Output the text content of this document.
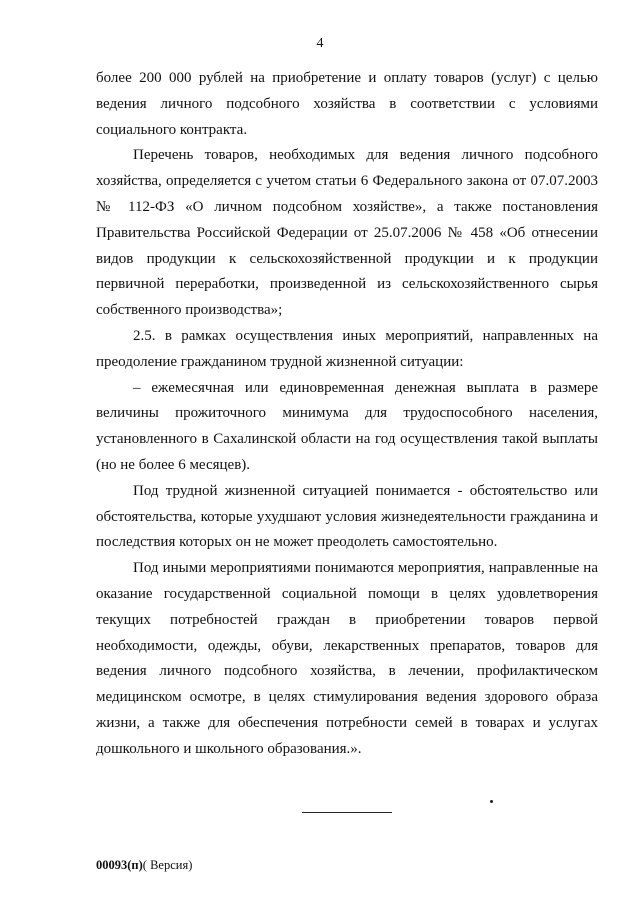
4

более 200 000 рублей на приобретение и оплату товаров (услуг) с целью ведения личного подсобного хозяйства в соответствии с условиями социального контракта.

Перечень товаров, необходимых для ведения личного подсобного хозяйства, определяется с учетом статьи 6 Федерального закона от 07.07.2003 № 112-ФЗ «О личном подсобном хозяйстве», а также постановления Правительства Российской Федерации от 25.07.2006 № 458 «Об отнесении видов продукции к сельскохозяйственной продукции и к продукции первичной переработки, произведенной из сельскохозяйственного сырья собственного производства»;

2.5. в рамках осуществления иных мероприятий, направленных на преодоление гражданином трудной жизненной ситуации:

– ежемесячная или единовременная денежная выплата в размере величины прожиточного минимума для трудоспособного населения, установленного в Сахалинской области на год осуществления такой выплаты (но не более 6 месяцев).

Под трудной жизненной ситуацией понимается - обстоятельство или обстоятельства, которые ухудшают условия жизнедеятельности гражданина и последствия которых он не может преодолеть самостоятельно.

Под иными мероприятиями понимаются мероприятия, направленные на оказание государственной социальной помощи в целях удовлетворения текущих потребностей граждан в приобретении товаров первой необходимости, одежды, обуви, лекарственных препаратов, товаров для ведения личного подсобного хозяйства, в лечении, профилактическом медицинском осмотре, в целях стимулирования ведения здорового образа жизни, а также для обеспечения потребности семей в товарах и услугах дошкольного и школьного образования.».

00093(п)( Версия)
